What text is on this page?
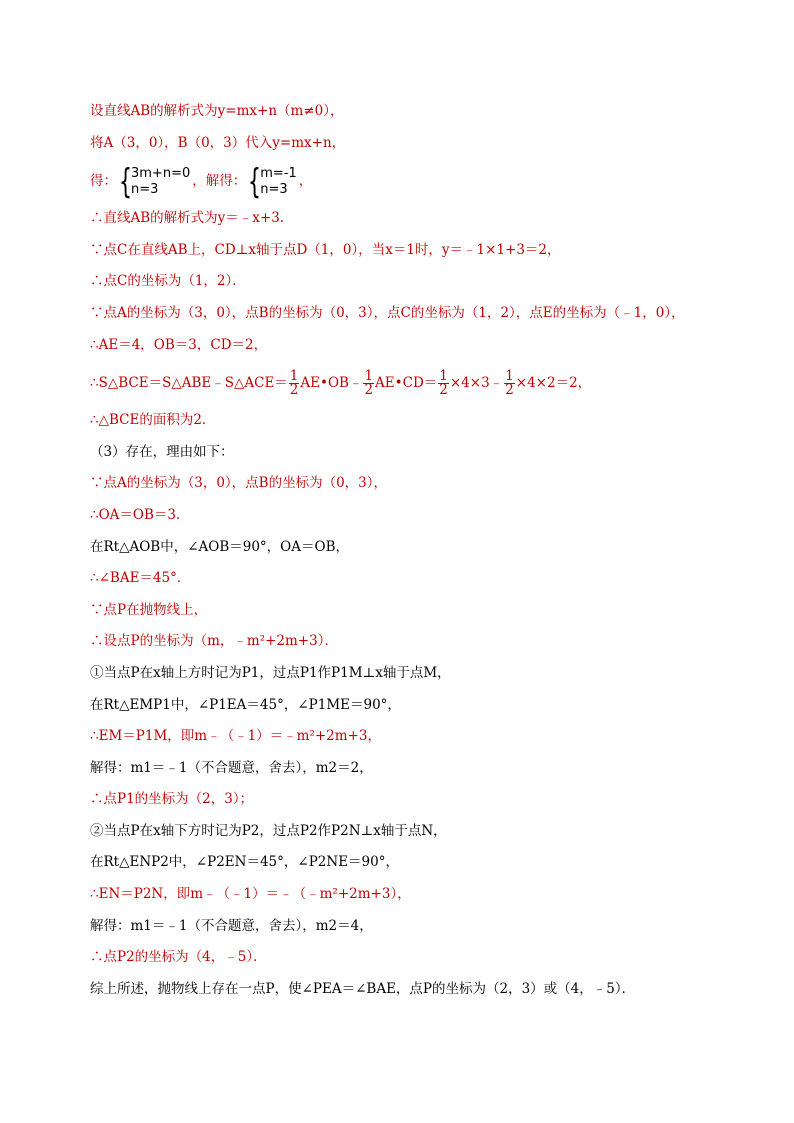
设直线AB的解析式为y=mx+n（m≠0），
将A（3，0），B（0，3）代入y=mx+n，
得： { 3m+n=0
n=3	，解得： { m=-1
n=3 ，
∴直线AB的解析式为y＝﹣x+3．
∵点C在直线AB上，CD⊥x轴于点D（1，0），当x＝1时，y＝﹣1×1+3＝2，
∴点C的坐标为（1，2）．
∵点A的坐标为（3，0），点B的坐标为（0，3），点C的坐标为（1，2），点E的坐标为（﹣1，0），
∴AE＝4，OB＝3，CD＝2，
∴S△BCE＝S△ABE﹣S△ACE＝ $\frac{1}{2}$ AE•OB﹣ $\frac{1}{2}$ AE•CD＝ $\frac{1}{2}$ ×4×3﹣ $\frac{1}{2} \times 4\times 2=2$，
∴△BCE的面积为2．
（3）存在，理由如下：
∵点A的坐标为（3，0），点B的坐标为（0，3），
∴OA＝OB＝3．
在Rt△AOB中，∠AOB＝90°，OA＝OB，
∴∠BAE＝45°．
∵点P在抛物线上，
∴设点P的坐标为（m，﹣m²+2m+3）．
①当点P在x轴上方时记为P1，过点P1作P1M⊥x轴于点M，
在Rt△EMP1中，∠P1EA＝45°，∠P1ME＝90°，
∴EM＝P1M，即m﹣（﹣1）＝﹣m²+2m+3，
解得：m1＝﹣1（不合题意，舍去），m2＝2，
∴点P1的坐标为（2，3）；
②当点P在x轴下方时记为P2，过点P2作P2N⊥x轴于点N，
在Rt△ENP2中，∠P2EN＝45°，∠P2NE＝90°，
∴EN＝P2N，即m﹣（﹣1）＝﹣（﹣m²+2m+3），
解得：m1＝﹣1（不合题意，舍去），m2＝4，
∴点P2的坐标为（4，﹣5）．
综上所述，抛物线上存在一点P，使∠PEA＝∠BAE，点P的坐标为（2，3）或（4，﹣5）．
